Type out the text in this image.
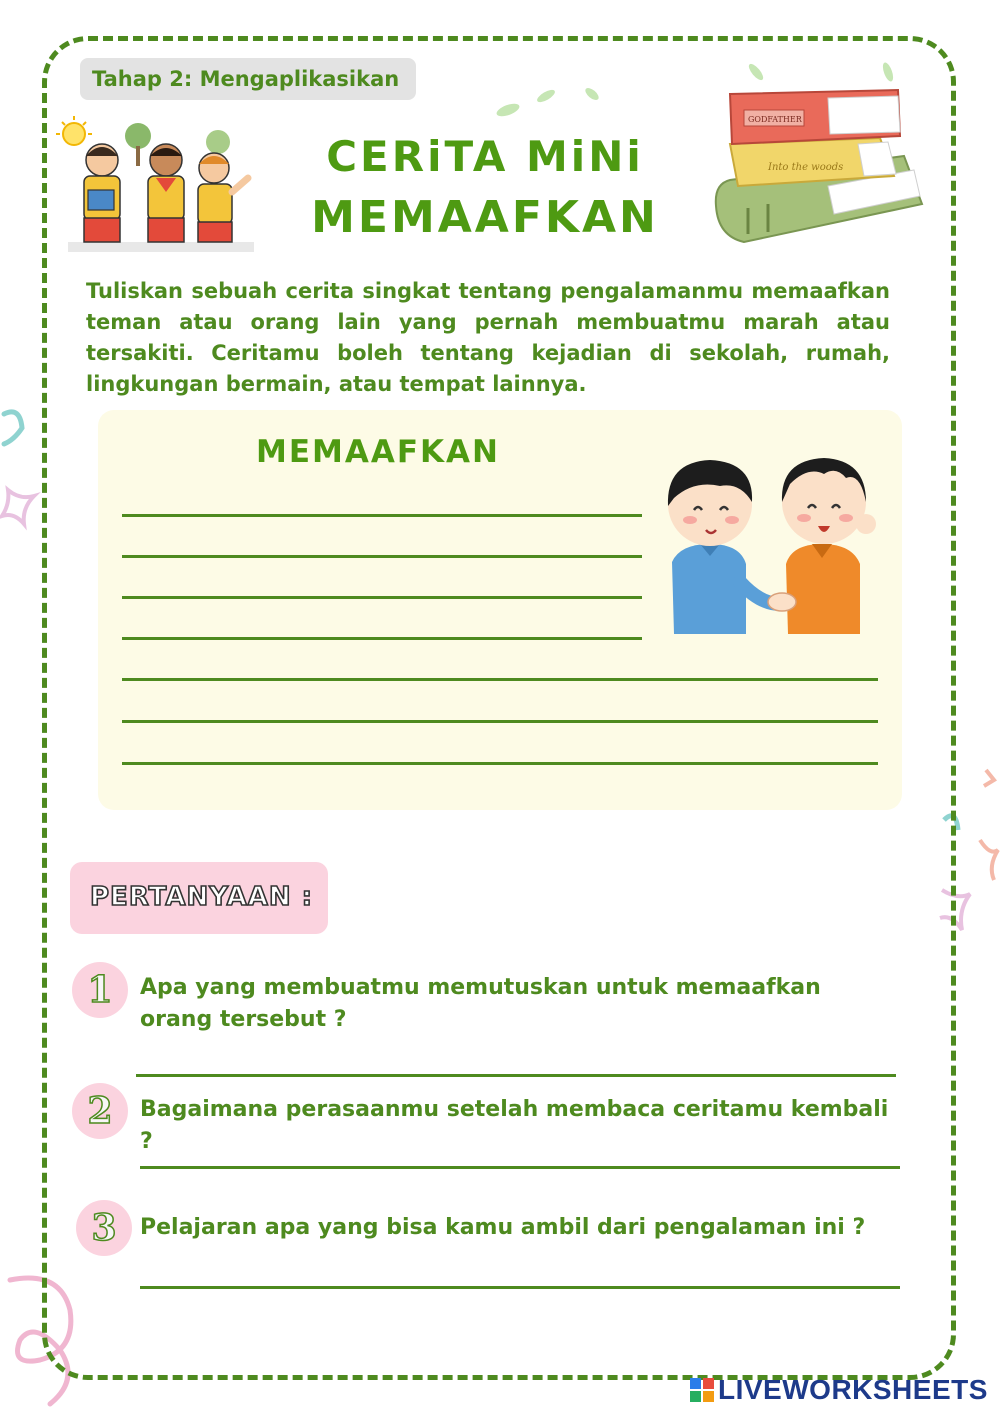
Tahap 2: Mengaplikasikan
CERiTA MiNi
MEMAAFKAN
Into the woods
GODFATHER

Tuliskan sebuah cerita singkat tentang pengalamanmu memaafkan teman atau orang lain yang pernah membuatmu marah atau tersakiti. Ceritamu boleh tentang kejadian di sekolah, rumah, lingkungan bermain, atau tempat lainnya.

MEMAAFKAN
PERTANYAAN :
1	Apa yang membuatmu memutuskan untuk memaafkan orang tersebut ?
2	Bagaimana perasaanmu setelah membaca ceritamu kembali ?
3	Pelajaran apa yang bisa kamu ambil dari pengalaman ini ?
LIVEWORKSHEETS
